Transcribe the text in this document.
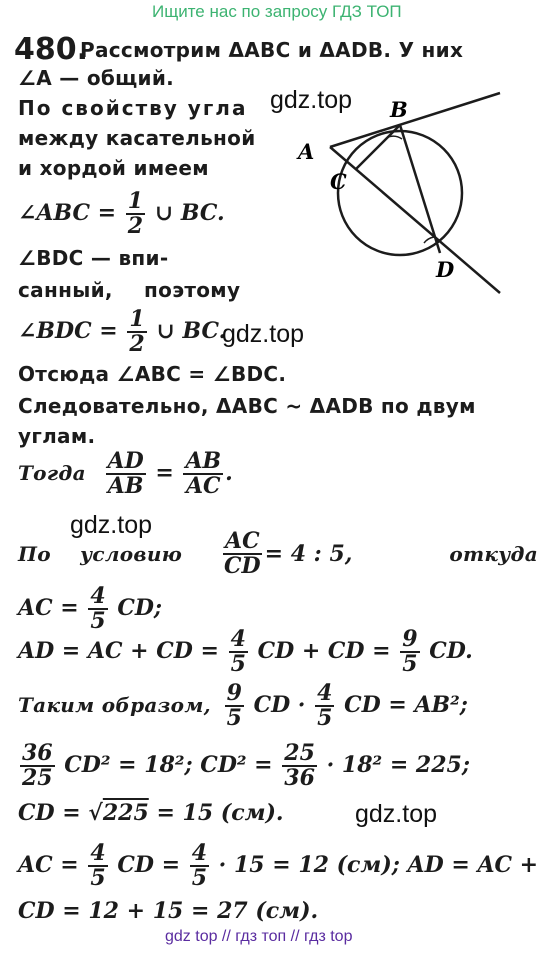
Ищите нас по запросу ГДЗ ТОП
480.
Рассмотрим ΔABC и ΔADB. У них
∠A — общий.
По свойству угла
между касательной
и хордой имеем
∠ABC = $\frac{1}{2}$ ∪ BC.
∠BDC — впи-
санный, поэтому
∠BDC = $\frac{1}{2}$ ∪ BC.
Отсюда ∠ABC = ∠BDC.
Следовательно, ΔABC ~ ΔADB по двум
углам.
Тогда $\frac{AD}{AB} = \frac{AB}{AC}$ .
По условию $\frac{AC}{CD} = 4$ : 5,	откуда
AC = $\frac{4}{5}$ CD;
AD = AC + CD = $\frac{4}{5}$ CD + CD = $\frac{9}{5}$ CD.
Таким образом, $\frac{9}{5}$ CD · $\frac{4}{5}$ CD = AB²;
$\frac{36}{25} CD^2 = 18^2$; $CD^2 = \frac{25}{36} \cdot 18^2 = 225$;
CD = √225 = 15 (см).
AC = $\frac{4}{5}$ CD = $\frac{4}{5} \cdot 15 = 12$ (см); AD = AC +
CD = 12 + 15 = 27 (см).
A
B
C
D
gdz.top
gdz.top
gdz.top
gdz.top
gdz top // гдз топ // гдз top
